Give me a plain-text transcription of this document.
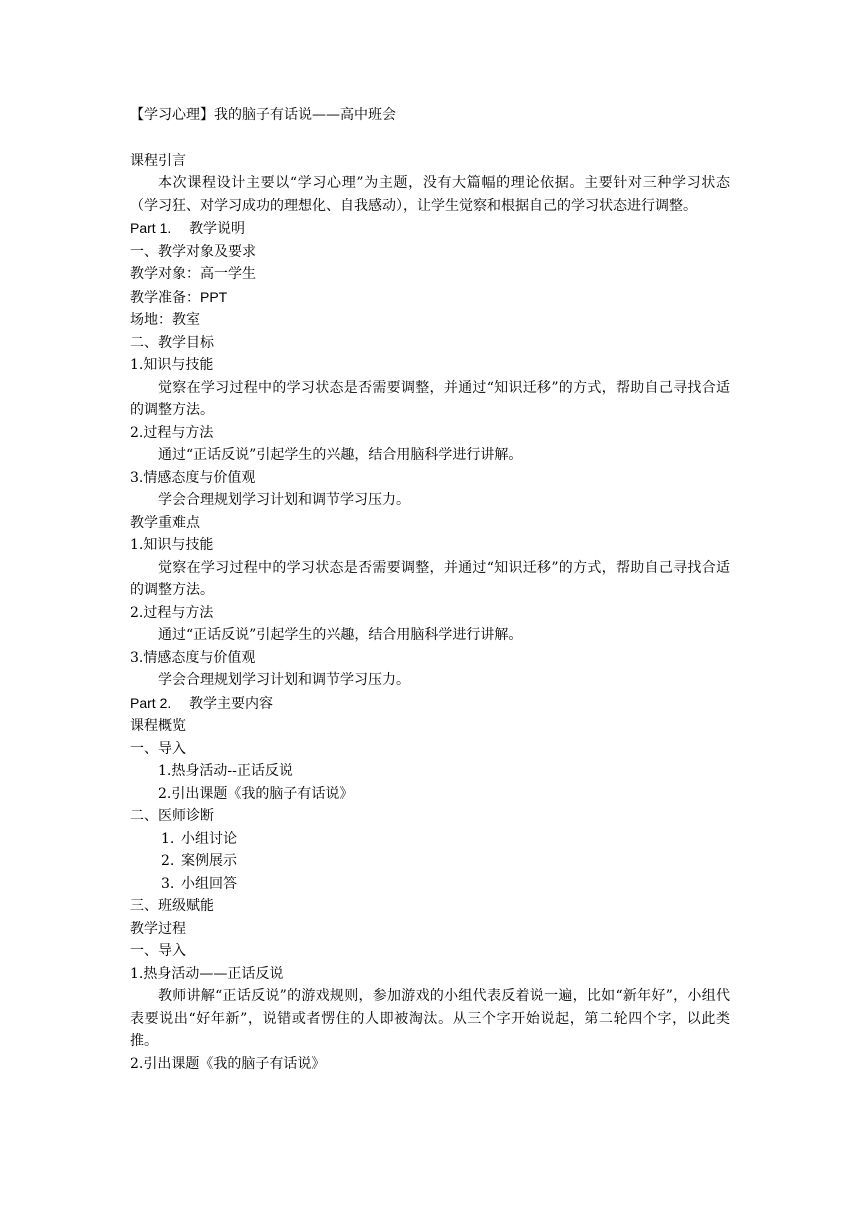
【学习心理】我的脑子有话说——高中班会
课程引言
本次课程设计主要以“学习心理”为主题，没有大篇幅的理论依据。主要针对三种学习状态（学习狂、对学习成功的理想化、自我感动），让学生觉察和根据自己的学习状态进行调整。
Part 1. 教学说明
一、教学对象及要求
教学对象：高一学生
教学准备：PPT
场地：教室
二、教学目标
1.知识与技能
觉察在学习过程中的学习状态是否需要调整，并通过“知识迁移”的方式，帮助自己寻找合适的调整方法。
2.过程与方法
通过“正话反说”引起学生的兴趣，结合用脑科学进行讲解。
3.情感态度与价值观
学会合理规划学习计划和调节学习压力。
教学重难点
1.知识与技能
觉察在学习过程中的学习状态是否需要调整，并通过“知识迁移”的方式，帮助自己寻找合适的调整方法。
2.过程与方法
通过“正话反说”引起学生的兴趣，结合用脑科学进行讲解。
3.情感态度与价值观
学会合理规划学习计划和调节学习压力。
Part 2. 教学主要内容
课程概览
一、导入
1.热身活动--正话反说
2.引出课题《我的脑子有话说》
二、医师诊断
1. 小组讨论
2. 案例展示
3. 小组回答
三、班级赋能
教学过程
一、导入
1.热身活动——正话反说
教师讲解“正话反说”的游戏规则，参加游戏的小组代表反着说一遍，比如“新年好”，小组代表要说出“好年新”，说错或者愣住的人即被淘汰。从三个字开始说起，第二轮四个字，以此类推。
2.引出课题《我的脑子有话说》
